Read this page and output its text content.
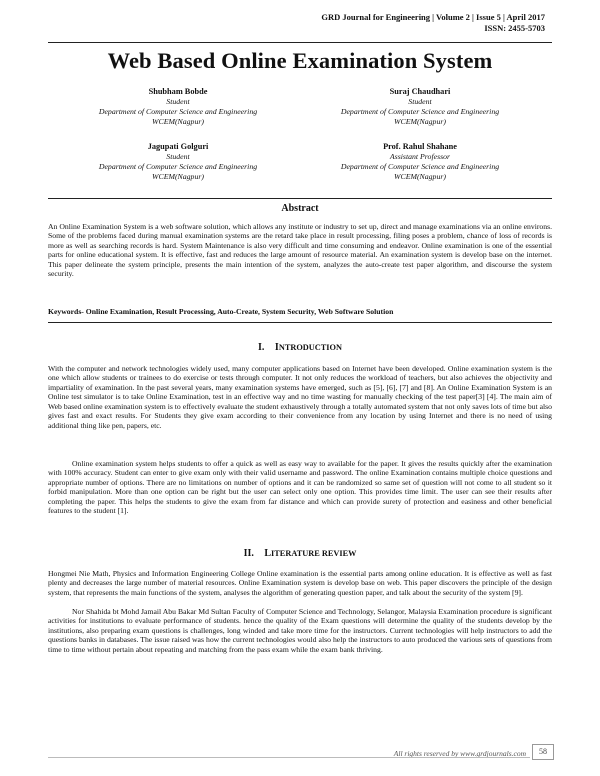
GRD Journal for Engineering | Volume 2 | Issue 5 | April 2017
ISSN: 2455-5703
Web Based Online Examination System
Shubham Bobde
Student
Department of Computer Science and Engineering
WCEM(Nagpur)
Suraj Chaudhari
Student
Department of Computer Science and Engineering
WCEM(Nagpur)
Jagupati Golguri
Student
Department of Computer Science and Engineering
WCEM(Nagpur)
Prof. Rahul Shahane
Assistant Professor
Department of Computer Science and Engineering
WCEM(Nagpur)
Abstract
An Online Examination System is a web software solution, which allows any institute or industry to set up, direct and manage examinations via an online environs. Some of the problems faced during manual examination systems are the retard take place in result processing, filing poses a problem, chance of loss of records is more as well as searching records is hard. System Maintenance is also very difficult and time consuming and endeavor. Online examination is one of the essential parts for online educational system. It is effective, fast and reduces the large amount of resource material. An examination system is develop base on the internet. This paper delineate the system principle, presents the main intention of the system, analyzes the auto-create test paper algorithm, and discourse the system security.
Keywords- Online Examination, Result Processing, Auto-Create, System Security, Web Software Solution
I. INTRODUCTION
With the computer and network technologies widely used, many computer applications based on Internet have been developed. Online examination system is the one which allow students or trainees to do exercise or tests through computer. It not only reduces the workload of teachers, but also achieves the objectivity and impartiality of examination. In the past several years, many examination systems have emerged, such as [5], [6], [7] and [8]. An Online Examination System is an Online test simulator is to take Online Examination, test in an effective way and no time wasting for manually checking of the test paper[3] [4]. The main aim of Web based online examination system is to effectively evaluate the student exhaustively through a totally automated system that not only saves lots of time but also gives fast and exact results. For Students they give exam according to their convenience from any location by using Internet and there is no need of using additional thing like pen, papers, etc.
Online examination system helps students to offer a quick as well as easy way to available for the paper. It gives the results quickly after the examination with 100% accuracy. Student can enter to give exam only with their valid username and password. The online Examination contains multiple choice questions and appropriate number of options. There are no limitations on number of options and it can be randomized so same set of question will not come to all student so it forbid manipulation. More than one option can be right but the user can select only one option. This provides time limit. The user can see their results after completing the paper. This helps the students to give the exam from far distance and which can provide surety of protection and easiness and other beneficial features to the student [1].
II. LITERATURE REVIEW
Hongmei Nie Math, Physics and Information Engineering College Online examination is the essential parts among online education. It is effective as well as fast plenty and decreases the large number of material resources. Online Examination system is develop base on web. This paper discovers the principle of the design system, that represents the main functions of the system, analyses the algorithm of generating question paper, and talk about the security of the system [9].
Nor Shahida bt Mohd Jamail Abu Bakar Md Sultan Faculty of Computer Science and Technology, Selangor, Malaysia Examination procedure is significant activities for institutions to evaluate performance of students. hence the quality of the Exam questions will determine the quality of the students develop by the institutions, also preparing exam questions is challenges, long winded and take more time for the instructors. Current technologies will help instructors to add the questions banks in databases. The issue raised was how the current technologies would also help the instructors to auto produced the various sets of questions from time to time without pertain about repeating and matching from the pass exam while the exam bank thriving.
All rights reserved by www.grdjournals.com	58
